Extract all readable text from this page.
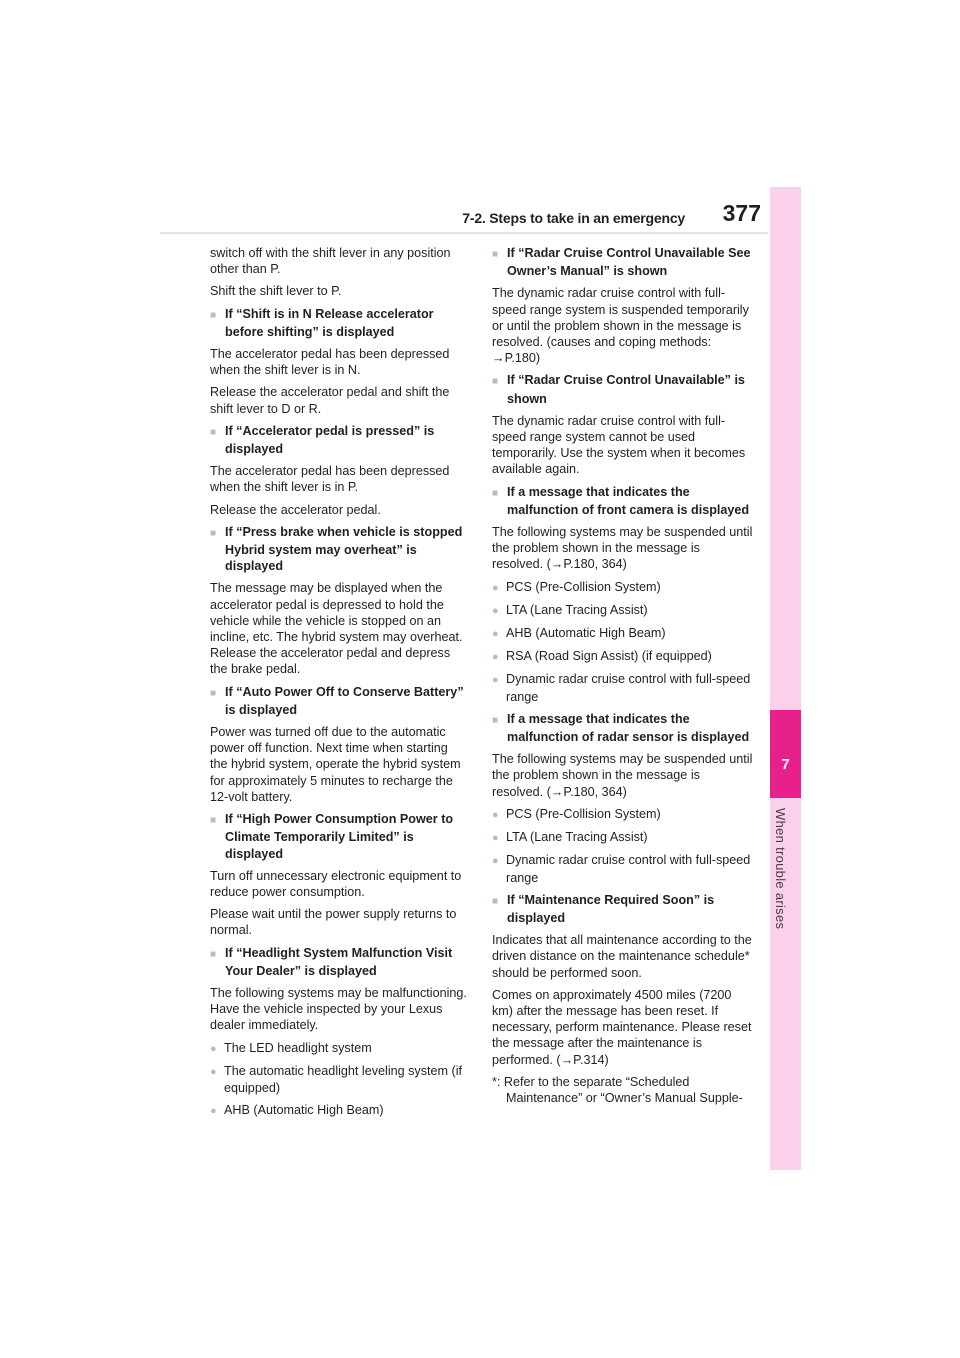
7-2. Steps to take in an emergency 377
7
When trouble arises

switch off with the shift lever in any position other than P.

Shift the shift lever to P.

■ If “Shift is in N Release accelerator before shifting” is displayed

The accelerator pedal has been depressed when the shift lever is in N.

Release the accelerator pedal and shift the shift lever to D or R.

■ If “Accelerator pedal is pressed” is displayed

The accelerator pedal has been depressed when the shift lever is in P.

Release the accelerator pedal.

■ If “Press brake when vehicle is stopped Hybrid system may overheat” is displayed

The message may be displayed when the accelerator pedal is depressed to hold the vehicle while the vehicle is stopped on an incline, etc. The hybrid system may overheat. Release the accelerator pedal and depress the brake pedal.

■ If “Auto Power Off to Conserve Battery” is displayed

Power was turned off due to the automatic power off function. Next time when starting the hybrid system, operate the hybrid system for approximately 5 minutes to recharge the 12-volt battery.

■ If “High Power Consumption Power to Climate Temporarily Limited” is displayed

Turn off unnecessary electronic equipment to reduce power consumption.

Please wait until the power supply returns to normal.

■ If “Headlight System Malfunction Visit Your Dealer” is displayed

The following systems may be malfunctioning. Have the vehicle inspected by your Lexus dealer immediately.

● The LED headlight system
● The automatic headlight leveling system (if equipped)
● AHB (Automatic High Beam)
■ If “Radar Cruise Control Unavailable See Owner’s Manual” is shown

The dynamic radar cruise control with full-speed range system is suspended temporarily or until the problem shown in the message is resolved. (causes and coping methods: →P.180)

■ If “Radar Cruise Control Unavailable” is shown

The dynamic radar cruise control with full-speed range system cannot be used temporarily. Use the system when it becomes available again.

■ If a message that indicates the malfunction of front camera is displayed

The following systems may be suspended until the problem shown in the message is resolved. (→P.180, 364)

● PCS (Pre-Collision System)
● LTA (Lane Tracing Assist)
● AHB (Automatic High Beam)
● RSA (Road Sign Assist) (if equipped)
● Dynamic radar cruise control with full-speed range
■ If a message that indicates the malfunction of radar sensor is displayed

The following systems may be suspended until the problem shown in the message is resolved. (→P.180, 364)

● PCS (Pre-Collision System)
● LTA (Lane Tracing Assist)
● Dynamic radar cruise control with full-speed range
■ If “Maintenance Required Soon” is displayed

Indicates that all maintenance according to the driven distance on the maintenance schedule* should be performed soon.

Comes on approximately 4500 miles (7200 km) after the message has been reset. If necessary, perform maintenance. Please reset the message after the maintenance is performed. (→P.314)

*: Refer to the separate “Scheduled Maintenance” or “Owner’s Manual Supple-
